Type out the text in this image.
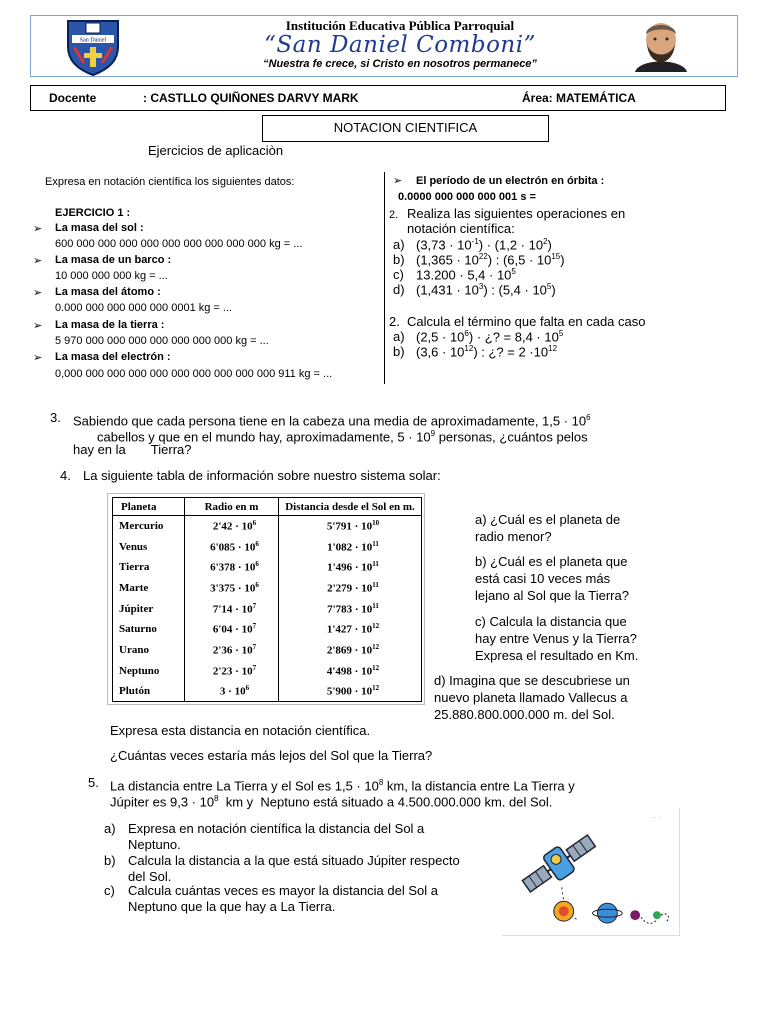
San Daniel
Institución Educativa Pública Parroquial
“San Daniel Comboni”
“Nuestra fe crece, si Cristo en nosotros permanece”
Docente	: CASTLLO QUIÑONES DARVY MARK	Área: MATEMÁTICA
NOTACION CIENTIFICA
Ejercicios de aplicaciòn
Expresa en notación científica los siguientes datos:
EJERCICIO 1 :
➢ La masa del sol :
600 000 000 000 000 000 000 000 000 000 kg = ...
➢ La masa de un barco :
10 000 000 000 kg = ...
➢ La masa del átomo :
0.000 000 000 000 000 0001 kg = ...
➢ La masa de la tierra :
5 970 000 000 000 000 000 000 000 kg = ...
➢ La masa del electrón :
0,000 000 000 000 000 000 000 000 000 000 911 kg = ...
➢ El período de un electrón en órbita :
0.0000 000 000 000 001 s =
2. Realiza las siguientes operaciones en
notación científica:
a) $(3,73 \cdot 10^{-1}) \cdot (1,2 \cdot 10^2)$
b) $(1,365 \cdot 10^{22})$ : $(6,5 \cdot 10^{15})$
c) $13.200 \cdot 5,4 \cdot 10^5$
d) $(1,431 \cdot 10^3)$ : $(5,4 \cdot 10^5)$
2. Calcula el término que falta en cada caso
a) $(2,5 \cdot 10^6)$ · ¿? = $8,4 \cdot 10^5$
b) $(3,6 \cdot 10^{12})$ : ¿? = $2 \cdot 10^{12}$
3. Sabiendo que cada persona tiene en la cabeza una media de aproximadamente, $1,5 \cdot 10^6$
cabellos y que en el mundo hay, aproximadamente, $5 \cdot 10^9$ personas, ¿cuántos pelos
hay en la       Tierra?
4. La siguiente tabla de información sobre nuestro sistema solar:
Planeta	Radio en m	Distancia desde el Sol en m.
Mercurio	$2'42 \cdot 10^6$	$5'791 \cdot 10^{10}$
Venus	$6'085 \cdot 10^6$	$1'082 \cdot 10^{11}$
Tierra	$6'378 \cdot 10^6$	$1'496 \cdot 10^{11}$
Marte	$3'375 \cdot 10^6$	$2'279 \cdot 10^{11}$
Júpiter	$7'14 \cdot 10^7$	$7'783 \cdot 10^{11}$
Saturno	$6'04 \cdot 10^7$	$1'427 \cdot 10^{12}$
Urano	$2'36 \cdot 10^7$	$2'869 \cdot 10^{12}$
Neptuno	$2'23 \cdot 10^7$	$4'498 \cdot 10^{12}$
Plutón	$3 \cdot 10^6$	$5'900 \cdot 10^{12}$
a) ¿Cuál es el planeta de
radio menor?
b) ¿Cuál es el planeta que
está casi 10 veces más
lejano al Sol que la Tierra?
c) Calcula la distancia que
hay entre Venus y la Tierra?
Expresa el resultado en Km.
d) Imagina que se descubriese un
nuevo planeta llamado Vallecus a
25.880.800.000.000 m. del Sol.
Expresa esta distancia en notación científica.
¿Cuántas veces estaría más lejos del Sol que la Tierra?
5. La distancia entre La Tierra y el Sol es $1,5 \cdot 10^8$ km, la distancia entre La Tierra y
Júpiter es $9,3 \cdot 10^8$  km y  Neptuno está situado a 4.500.000.000 km. del Sol.
a) Expresa en notación científica la distancia del Sol a
Neptuno.
b) Calcula la distancia a la que está situado Júpiter respecto
del Sol.
c) Calcula cuántas veces es mayor la distancia del Sol a
Neptuno que la que hay a La Tierra.
· · ·
